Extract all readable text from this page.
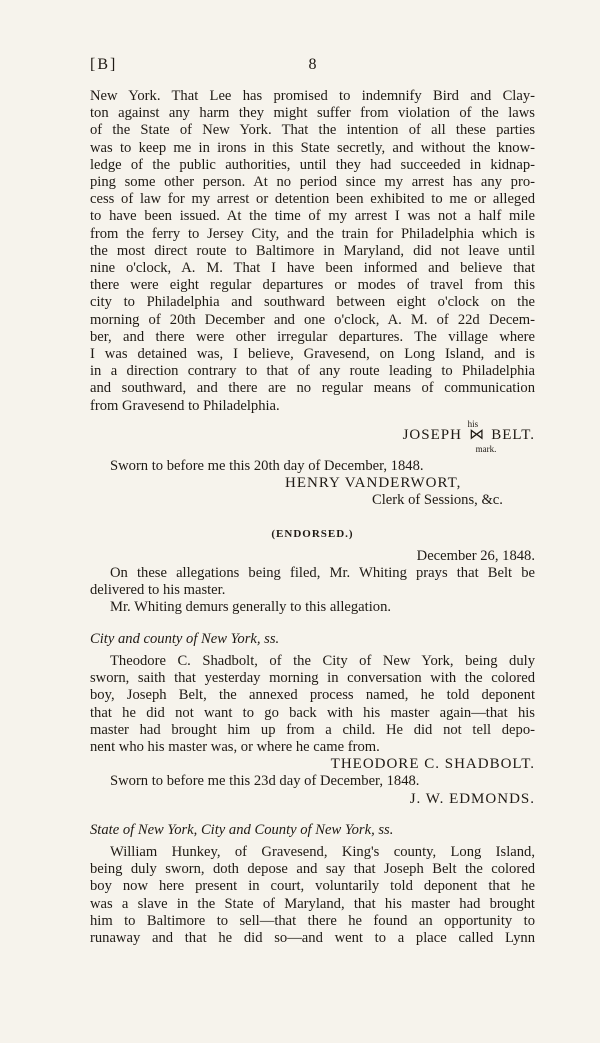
[B]	8

New York. That Lee has promised to indemnify Bird and Clay-
ton against any harm they might suffer from violation of the laws
of the State of New York. That the intention of all these parties
was to keep me in irons in this State secretly, and without the know-
ledge of the public authorities, until they had succeeded in kidnap-
ping some other person. At no period since my arrest has any pro-
cess of law for my arrest or detention been exhibited to me or alleged
to have been issued. At the time of my arrest I was not a half mile
from the ferry to Jersey City, and the train for Philadelphia which is
the most direct route to Baltimore in Maryland, did not leave until
nine o'clock, A. M. That I have been informed and believe that
there were eight regular departures or modes of travel from this
city to Philadelphia and southward between eight o'clock on the
morning of 20th December and one o'clock, A. M. of 22d Decem-
ber, and there were other irregular departures. The village where
I was detained was, I believe, Gravesend, on Long Island, and is
in a direction contrary to that of any route leading to Philadelphia
and southward, and there are no regular means of communication
from Gravesend to Philadelphia.

JOSEPH
his
⋈
mark.
BELT.

Sworn to before me this 20th day of December, 1848.

HENRY VANDERWORT,

Clerk of Sessions, &c.

(ENDORSED.)

December 26, 1848.

On these allegations being filed, Mr. Whiting prays that Belt be
delivered to his master.

Mr. Whiting demurs generally to this allegation.

City and county of New York, ss.

Theodore C. Shadbolt, of the City of New York, being duly
sworn, saith that yesterday morning in conversation with the colored
boy, Joseph Belt, the annexed process named, he told deponent
that he did not want to go back with his master again—that his
master had brought him up from a child. He did not tell depo-
nent who his master was, or where he came from.

THEODORE C. SHADBOLT.

Sworn to before me this 23d day of December, 1848.

J. W. EDMONDS.

State of New York, City and County of New York, ss.

William Hunkey, of Gravesend, King's county, Long Island,
being duly sworn, doth depose and say that Joseph Belt the colored
boy now here present in court, voluntarily told deponent that he
was a slave in the State of Maryland, that his master had brought
him to Baltimore to sell—that there he found an opportunity to
runaway and that he did so—and went to a place called Lynn
